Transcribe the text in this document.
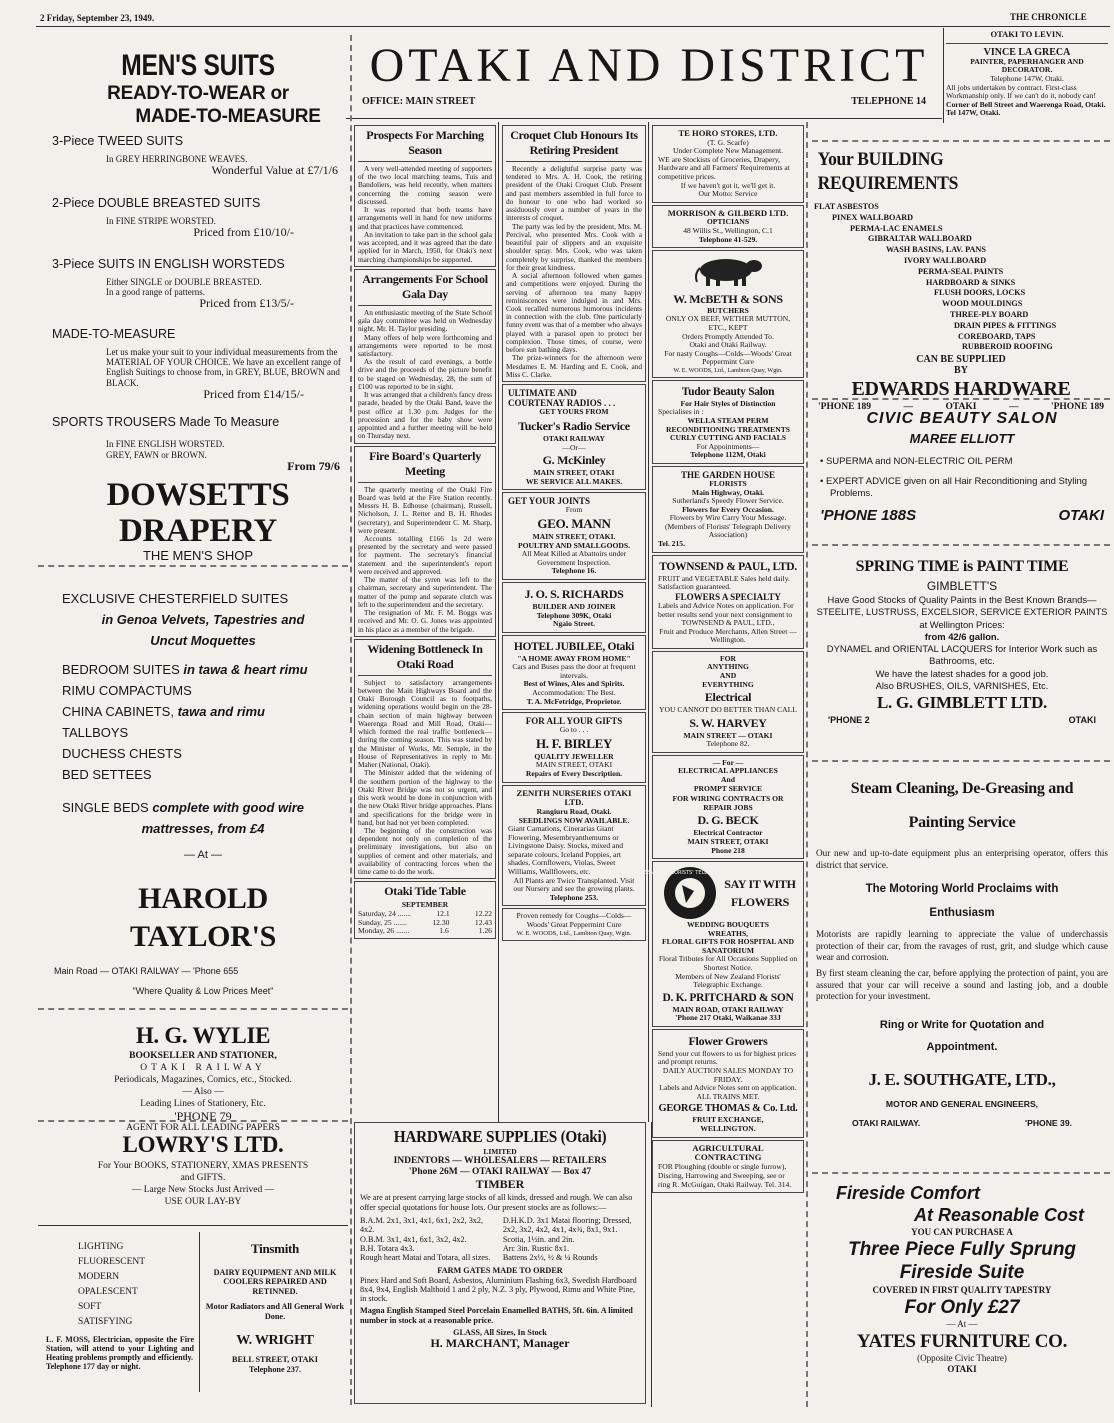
2 Friday, September 23, 1949.	THE CHRONICLE
MEN'S SUITS
READY-TO-WEAR or
MADE-TO-MEASURE
3-Piece TWEED SUITS
In GREY HERRINGBONE WEAVES.
Wonderful Value at £7/1/6
2-Piece DOUBLE BREASTED SUITS
In FINE STRIPE WORSTED.
Priced from £10/10/-
3-Piece SUITS IN ENGLISH WORSTEDS
Either SINGLE or DOUBLE BREASTED.
In a good range of patterns.
Priced from £13/5/-
MADE-TO-MEASURE
Let us make your suit to your individual measurements from the MATERIAL OF YOUR CHOICE. We have an excellent range of English Suitings to choose from, in GREY, BLUE, BROWN and BLACK.
Priced from £14/15/-
SPORTS TROUSERS Made To Measure
In FINE ENGLISH WORSTED.
GREY, FAWN or BROWN.
From 79/6
DOWSETTS DRAPERY
THE MEN'S SHOP
EXCLUSIVE CHESTERFIELD SUITES
in Genoa Velvets, Tapestries and
Uncut Moquettes
BEDROOM SUITES in tawa & heart rimu
RIMU COMPACTUMS
CHINA CABINETS, tawa and rimu
TALLBOYS
DUCHESS CHESTS
BED SETTEES
SINGLE BEDS complete with good wire
mattresses, from £4
— At —
HAROLD TAYLOR'S
Main Road — OTAKI RAILWAY — 'Phone 655
"Where Quality & Low Prices Meet"
H. G. WYLIE
BOOKSELLER AND STATIONER,
OTAKI RAILWAY
Periodicals, Magazines, Comics, etc., Stocked.
— Also —
Leading Lines of Stationery, Etc.
'PHONE 79
AGENT FOR ALL LEADING PAPERS
LOWRY'S LTD.
For Your BOOKS, STATIONERY, XMAS PRESENTS
and GIFTS.
— Large New Stocks Just Arrived —
USE OUR LAY-BY
LIGHTING
FLUORESCENT
MODERN
OPALESCENT
SOFT
SATISFYING
L. F. MOSS, Electrician, opposite the Fire Station, will attend to your Lighting and Heating problems promptly and efficiently.
Telephone 177 day or night.
Tinsmith
DAIRY EQUIPMENT AND MILK COOLERS REPAIRED AND RETINNED.
Motor Radiators and All General Work Done.
W. WRIGHT
BELL STREET, OTAKI
Telephone 237.
OTAKI AND DISTRICT
OFFICE: MAIN STREET	TELEPHONE 14
Prospects For Marching Season

A very well-attended meeting of supporters of the two local marching teams, Tuis and Bandoliers, was held recently, when matters concerning the coming season were discussed.

It was reported that both teams have arrangements well in hand for new uniforms and that practices have commenced.

An invitation to take part in the school gala was accepted, and it was agreed that the date applied for in March, 1950, for Otaki's next marching championships be supported.

Arrangements For School Gala Day

An enthusiastic meeting of the State School gala day committee was held on Wednesday night, Mr. H. Taylor presiding.

Many offers of help were forthcoming and arrangements were reported to be most satisfactory.

As the result of card evenings, a bottle drive and the proceeds of the picture benefit to be staged on Wednesday, 28, the sum of £100 was reported to be in sight.

It was arranged that a children's fancy dress parade, headed by the Otaki Band, leave the post office at 1.30 p.m. Judges for the procession and for the baby show were appointed and a further meeting will be held on Thursday next.

Fire Board's Quarterly Meeting

The quarterly meeting of the Otaki Fire Board was held at the Fire Station recently. Messrs H. B. Edhouse (chairman), Russell, Nicholson, J. L. Retter and B. H. Rhodes (secretary), and Superintendent C. M. Sharp, were present.

Accounts totalling £166 1s 2d were presented by the secretary and were passed for payment. The secretary's financial statement and the superintendent's report were received and approved.

The matter of the syren was left to the chairman, secretary and superintendent. The matter of the pump and separate clutch was left to the superintendent and the secretary.

The resignation of Mr. F. M. Boggs was received and Mr. O. G. Jones was appointed in his place as a member of the brigade.

Widening Bottleneck In Otaki Road

Subject to satisfactory arrangements between the Main Highways Board and the Otaki Borough Council as to footpaths, widening operations would begin on the 28-chain section of main highway between Waerenga Road and Mill Road, Otaki—which formed the real traffic bottleneck—during the coming season. This was stated by the Minister of Works, Mr. Semple, in the House of Representatives in reply to Mr. Maher (National, Otaki).

The Minister added that the widening of the southern portion of the highway to the Otaki River Bridge was not so urgent, and this work would be done in conjunction with the new Otaki River bridge approaches. Plans and specifications for the bridge were in hand, but had not yet been completed.

The beginning of the construction was dependent not only on completion of the preliminary investigations, but also on supplies of cement and other materials, and availability of contracting forces when the time came to do the work.

Otaki Tide Table
SEPTEMBER
Saturday, 24 .......	12.1	12.22
Sunday, 25 .......	12.30	12.43
Monday, 26 .......	1.6	1.26
Croquet Club Honours Its Retiring President

Recently a delightful surprise party was tendered to Mrs. A. H. Cook, the retiring president of the Otaki Croquet Club. Present and past members assembled in full force to do honour to one who had worked so assiduously over a number of years in the interests of croquet.

The party was led by the president, Mrs. M. Percival, who presented Mrs. Cook with a beautiful pair of slippers and an exquisite shoulder spray. Mrs. Cook, who was taken completely by surprise, thanked the members for their great kindness.

A social afternoon followed when games and competitions were enjoyed. During the serving of afternoon tea many happy reminiscences were indulged in and Mrs. Cook recalled numerous humorous incidents in connection with the club. One particularly funny event was that of a member who always played with a parasol open to protect her complexion. Those times, of course, were before sun bathing days.

The prize-winners for the afternoon were Mesdames E. M. Harding and E. Cook, and Miss C. Clarke.

ULTIMATE AND
COURTENAY RADIOS . . .
GET YOURS FROM
Tucker's Radio Service
OTAKI RAILWAY
—Or—
G. McKinley
MAIN STREET, OTAKI
WE SERVICE ALL MAKES.
GET YOUR JOINTS
From
GEO. MANN
MAIN STREET, OTAKI.
POULTRY AND SMALLGOODS.
All Meat Killed at Abattoirs under Government Inspection.
Telephone 16.
J. O. S. RICHARDS
BUILDER AND JOINER
Telephone 309K, Otaki
Ngaio Street.
HOTEL JUBILEE, Otaki
"A HOME AWAY FROM HOME"
Cars and Buses pass the door at frequent intervals.
Best of Wines, Ales and Spirits.
Accommodation: The Best.
T. A. McFetridge, Proprietor.
FOR ALL YOUR GIFTS
Go to . . .
H. F. BIRLEY
QUALITY JEWELLER
MAIN STREET, OTAKI
Repairs of Every Description.
ZENITH NURSERIES OTAKI LTD.
Rangiuru Road, Otaki.
SEEDLINGS NOW AVAILABLE.

Giant Carnations, Cinerarias Giant Flowering, Mesembryanthemums or Livingstone Daisy. Stocks, mixed and separate colours, Iceland Poppies, art shades, Cornflowers, Violas, Sweet Williams, Wallflowers, etc.

All Plants are Twice Transplanted. Visit our Nursery and see the growing plants.

Telephone 253.

Proven remedy for Coughs—Colds—Woods' Great Peppermint Cure
W. E. WOODS, Ltd., Lambton Quay, Wgtn.
TE HORO STORES, LTD.
(T. G. Scarfe)
Under Complete New Management.
WE are Stockists of Groceries, Drapery, Hardware and all Farmers' Requirements at competitive prices.
If we haven't got it, we'll get it.
Our Motto: Service
MORRISON & GILBERD LTD.
OPTICIANS
48 Willis St., Wellington, C.1
Telephone 41-529.
W. McBETH & SONS
BUTCHERS
ONLY OX BEEF, WETHER MUTTON, ETC., KEPT
Orders Promptly Attended To.
Otaki and Otaki Railway.
For nasty Coughs—Colds—Woods' Great Peppermint Cure
W. E. WOODS, Ltd., Lambton Quay, Wgtn.
Tudor Beauty Salon
For Hair Styles of Distinction
Specialises in :
WELLA STEAM PERM
RECONDITIONING TREATMENTS
CURLY CUTTING AND FACIALS
For Appointments—
Telephone 112M, Otaki
THE GARDEN HOUSE
FLORISTS
Main Highway, Otaki.
Sutherland's Speedy Flower Service.
Flowers for Every Occasion.
Flowers by Wire Carry Your Message.
(Members of Florists' Telegraph Delivery Association)
Tel. 215.
TOWNSEND & PAUL, LTD.
FRUIT and VEGETABLE Sales held daily. Satisfaction guaranteed.
FLOWERS A SPECIALTY
Labels and Advice Notes on application. For better results send your next consignment to
TOWNSEND & PAUL, LTD.,
Fruit and Produce Merchants, Allen Street — Wellington.
FOR
ANYTHING
AND
EVERYTHING
Electrical
YOU CANNOT DO BETTER THAN CALL
S. W. HARVEY
MAIN STREET — OTAKI
Telephone 82.
— For —
ELECTRICAL APPLIANCES
And
PROMPT SERVICE
FOR WIRING CONTRACTS OR REPAIR JOBS
D. G. BECK
Electrical Contractor
MAIN STREET, OTAKI
Phone 218
NEW ZEALAND FLORISTS' TELEGRAPH DELIVERY
SAY IT WITH
FLOWERS
WEDDING BOUQUETS
WREATHS,
FLORAL GIFTS FOR HOSPITAL AND SANATORIUM
Floral Tributes for All Occasions Supplied on Shortest Notice.
Members of New Zealand Florists' Telegraphic Exchange.
D. K. PRITCHARD & SON
MAIN ROAD, OTAKI RAILWAY
'Phone 217 Otaki, Waikanae 33J
Flower Growers
Send your cut flowers to us for highest prices and prompt returns.
DAILY AUCTION SALES MONDAY TO FRIDAY.
Labels and Advice Notes sent on application.
ALL TRAINS MET.
GEORGE THOMAS & Co. Ltd.
FRUIT EXCHANGE,
WELLINGTON.
AGRICULTURAL CONTRACTING
FOR Ploughing (double or single furrow), Discing, Harrowing and Sweeping, see or ring R. McGuigan, Otaki Railway. Tel. 314.
HARDWARE SUPPLIES (Otaki)
LIMITED
INDENTORS — WHOLESALERS — RETAILERS
'Phone 26M — OTAKI RAILWAY — Box 47
TIMBER
We are at present carrying large stocks of all kinds, dressed and rough. We can also offer special quotations for house lots. Our present stocks are as follows:—
B.A.M. 2x1, 3x1, 4x1, 6x1, 2x2, 3x2, 4x2.
O.B.M. 3x1, 4x1, 6x1, 3x2, 4x2.
B.H. Totara 4x3.
Rough heart Matai and Totara, all sizes.
D.H.K.D. 3x1 Matai flooring; Dressed, 2x2, 3x2, 4x2, 4x1, 4x¾, 8x1, 9x1.
Scotia, 1½in. and 2in.
Arc 3in. Rustic 8x1.
Battens 2x½, ½ & ¼ Rounds
FARM GATES MADE TO ORDER
Pinex Hard and Soft Board, Asbestos, Aluminium Flashing 6x3, Swedish Hardboard 8x4, 9x4, English Malthoid 1 and 2 ply, N.Z. 3 ply, Plywood, Rimu and White Pine, in stock.
Magna English Stamped Steel Porcelain Enamelled BATHS, 5ft. 6in. A limited number in stock at a reasonable price.
GLASS, All Sizes, In Stock
H. MARCHANT, Manager
OTAKI TO LEVIN.
VINCE LA GRECA
PAINTER, PAPERHANGER AND
DECORATOR.
Telephone 147W, Otaki.
All jobs undertaken by contract. First-class Workmanship only. If we can't do it, nobody can!
Corner of Bell Street and Waerenga Road, Otaki. Tel 147W, Otaki.
Your BUILDING REQUIREMENTS
FLAT ASBESTOS
PINEX WALLBOARD
PERMA-LAC ENAMELS
GIBRALTAR WALLBOARD
WASH BASINS, LAV. PANS
IVORY WALLBOARD
PERMA-SEAL PAINTS
HARDBOARD & SINKS
FLUSH DOORS, LOCKS
WOOD MOULDINGS
THREE-PLY BOARD
DRAIN PIPES & FITTINGS
COREBOARD, TAPS
RUBBEROID ROOFING
CAN BE SUPPLIED
BY
EDWARDS HARDWARE
'PHONE 189	—	OTAKI	—	'PHONE 189
CIVIC BEAUTY SALON
MAREE ELLIOTT
• SUPERMA and NON-ELECTRIC OIL PERM
• EXPERT ADVICE given on all Hair Reconditioning and Styling Problems.
'PHONE 188S	OTAKI
SPRING TIME is PAINT TIME
GIMBLETT'S
Have Good Stocks of Quality Paints in the Best Known Brands—
STEELITE, LUSTRUSS, EXCELSIOR, SERVICE EXTERIOR PAINTS at Wellington Prices:
from 42/6 gallon.
DYNAMEL and ORIENTAL LACQUERS for Interior Work such as Bathrooms, etc.
We have the latest shades for a good job.
Also BRUSHES, OILS, VARNISHES, Etc.
L. G. GIMBLETT LTD.
'PHONE 2	OTAKI
Steam Cleaning, De-Greasing and
Painting Service
Our new and up-to-date equipment plus an enterprising operator, offers this district that service.
The Motoring World Proclaims with
Enthusiasm
Motorists are rapidly learning to appreciate the value of underchassis protection of their car, from the ravages of rust, grit, and sludge which cause wear and corrosion.
By first steam cleaning the car, before applying the protection of paint, you are assured that your car will receive a sound and lasting job, and a double protection for your investment.
Ring or Write for Quotation and
Appointment.
J. E. SOUTHGATE, LTD.,
MOTOR AND GENERAL ENGINEERS,
OTAKI RAILWAY.	'PHONE 39.
Fireside Comfort
At Reasonable Cost
YOU CAN PURCHASE A
Three Piece Fully Sprung
Fireside Suite
COVERED IN FIRST QUALITY TAPESTRY
For Only £27
— At —
YATES FURNITURE CO.
(Opposite Civic Theatre)
OTAKI
